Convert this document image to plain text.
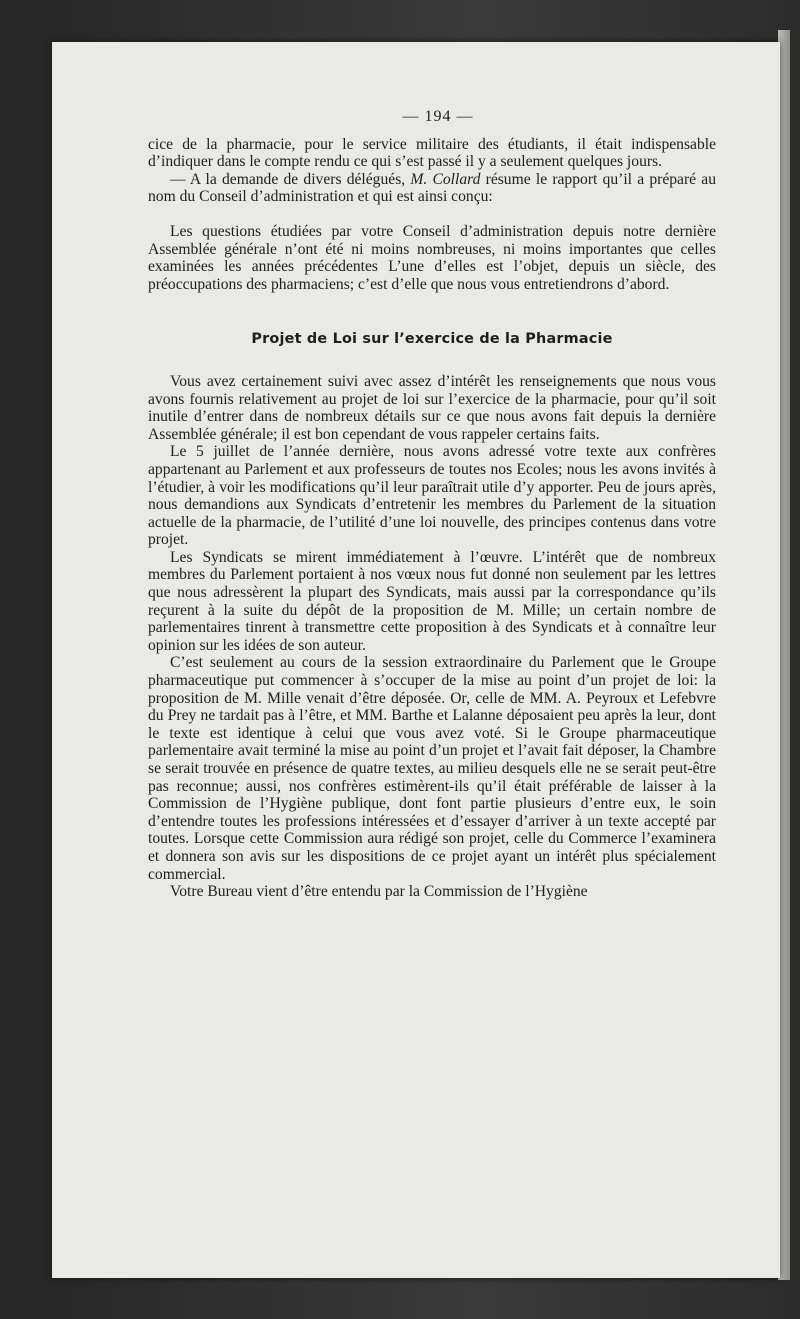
— 194 —

cice de la pharmacie, pour le service militaire des étudiants, il était indispensable d’indiquer dans le compte rendu ce qui s’est passé il y a seulement quelques jours.

— A la demande de divers délégués, M. Collard résume le rapport qu’il a préparé au nom du Conseil d’administration et qui est ainsi conçu:

Les questions étudiées par votre Conseil d’administration depuis notre dernière Assemblée générale n’ont été ni moins nombreuses, ni moins importantes que celles examinées les années précédentes L’une d’elles est l’objet, depuis un siècle, des préoccupations des pharmaciens; c’est d’elle que nous vous entretiendrons d’abord.

Projet de Loi sur l’exercice de la Pharmacie

Vous avez certainement suivi avec assez d’intérêt les renseignements que nous vous avons fournis relativement au projet de loi sur l’exercice de la pharmacie, pour qu’il soit inutile d’entrer dans de nombreux détails sur ce que nous avons fait depuis la dernière Assemblée générale; il est bon cependant de vous rappeler certains faits.

Le 5 juillet de l’année dernière, nous avons adressé votre texte aux confrères appartenant au Parlement et aux professeurs de toutes nos Ecoles; nous les avons invités à l’étudier, à voir les modifications qu’il leur paraîtrait utile d’y apporter. Peu de jours après, nous demandions aux Syndicats d’entretenir les membres du Parlement de la situation actuelle de la pharmacie, de l’utilité d’une loi nouvelle, des principes contenus dans votre projet.

Les Syndicats se mirent immédiatement à l’œuvre. L’intérêt que de nombreux membres du Parlement portaient à nos vœux nous fut donné non seulement par les lettres que nous adressèrent la plupart des Syndicats, mais aussi par la correspondance qu’ils reçurent à la suite du dépôt de la proposition de M. Mille; un certain nombre de parlementaires tinrent à transmettre cette proposition à des Syndicats et à connaître leur opinion sur les idées de son auteur.

C’est seulement au cours de la session extraordinaire du Parlement que le Groupe pharmaceutique put commencer à s’occuper de la mise au point d’un projet de loi: la proposition de M. Mille venait d’être déposée. Or, celle de MM. A. Peyroux et Lefebvre du Prey ne tardait pas à l’être, et MM. Barthe et Lalanne déposaient peu après la leur, dont le texte est identique à celui que vous avez voté. Si le Groupe pharmaceutique parlementaire avait terminé la mise au point d’un projet et l’avait fait déposer, la Chambre se serait trouvée en présence de quatre textes, au milieu desquels elle ne se serait peut-être pas reconnue; aussi, nos confrères estimèrent-ils qu’il était préférable de laisser à la Commission de l’Hygiène publique, dont font partie plusieurs d’entre eux, le soin d’entendre toutes les professions intéressées et d’essayer d’arriver à un texte accepté par toutes. Lorsque cette Commission aura rédigé son projet, celle du Commerce l’examinera et donnera son avis sur les dispositions de ce projet ayant un intérêt plus spécialement commercial.

Votre Bureau vient d’être entendu par la Commission de l’Hygiène
